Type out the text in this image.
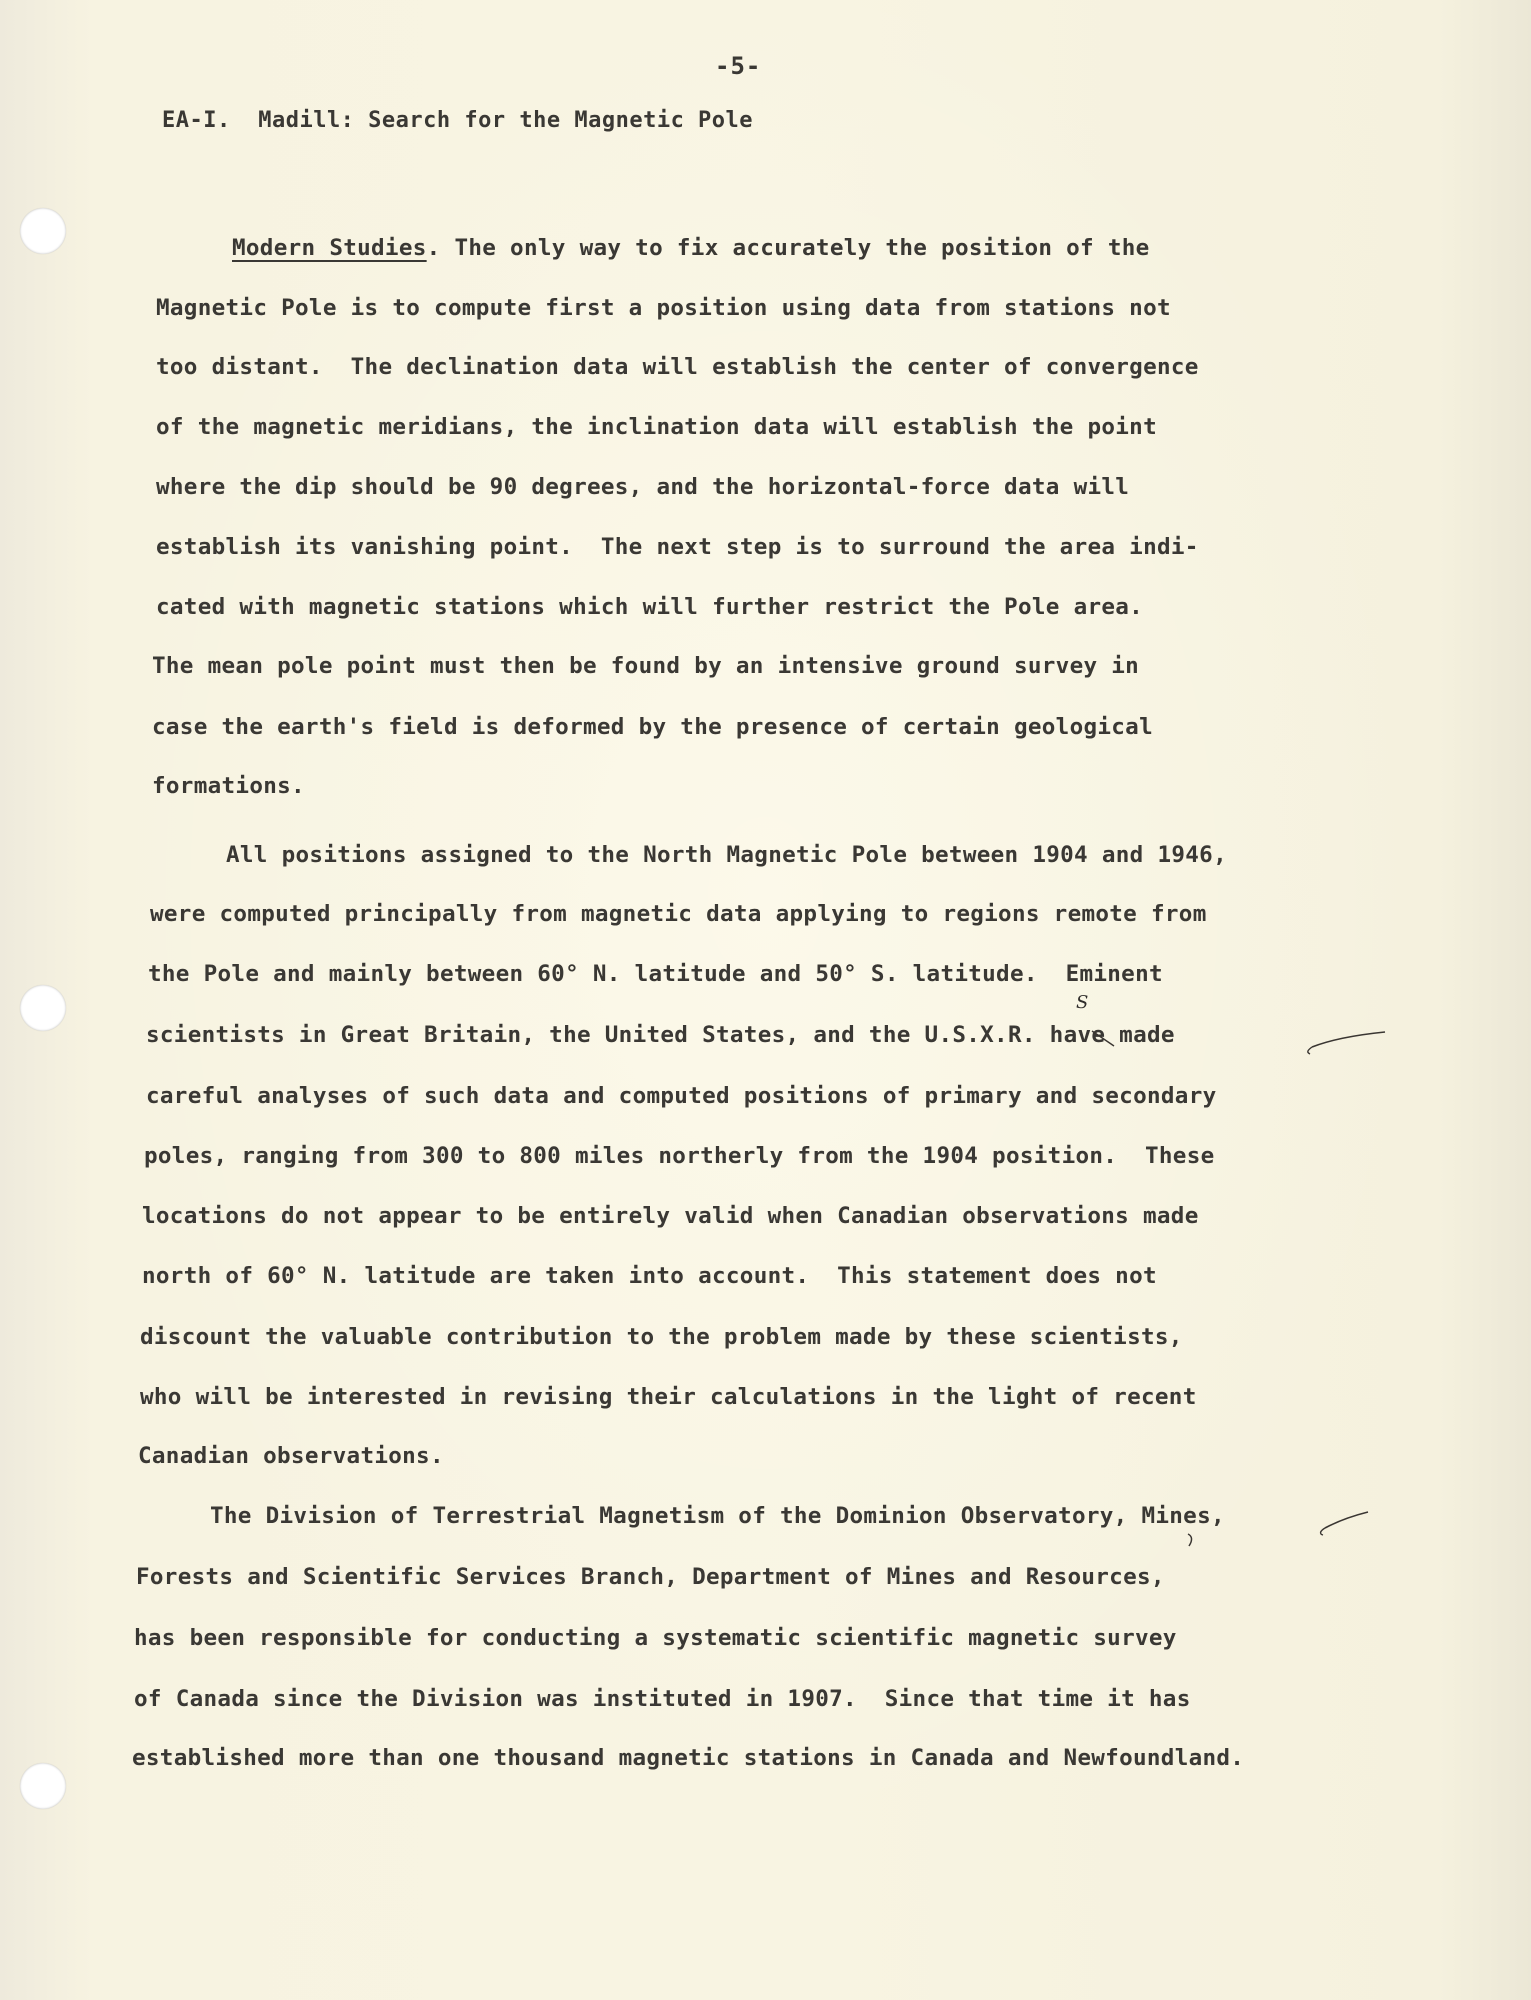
-5-
EA-I.  Madill: Search for the Magnetic Pole
Modern Studies. The only way to fix accurately the position of the
Magnetic Pole is to compute first a position using data from stations not
too distant.  The declination data will establish the center of convergence
of the magnetic meridians, the inclination data will establish the point
where the dip should be 90 degrees, and the horizontal-force data will
establish its vanishing point.  The next step is to surround the area indi-
cated with magnetic stations which will further restrict the Pole area.
The mean pole point must then be found by an intensive ground survey in
case the earth's field is deformed by the presence of certain geological
formations.
All positions assigned to the North Magnetic Pole between 1904 and 1946,
were computed principally from magnetic data applying to regions remote from
the Pole and mainly between 60° N. latitude and 50° S. latitude.  Eminent
scientists in Great Britain, the United States, and the U.S.X.R. have made
careful analyses of such data and computed positions of primary and secondary
poles, ranging from 300 to 800 miles northerly from the 1904 position.  These
locations do not appear to be entirely valid when Canadian observations made
north of 60° N. latitude are taken into account.  This statement does not
discount the valuable contribution to the problem made by these scientists,
who will be interested in revising their calculations in the light of recent
Canadian observations.
The Division of Terrestrial Magnetism of the Dominion Observatory, Mines,
Forests and Scientific Services Branch, Department of Mines and Resources,
has been responsible for conducting a systematic scientific magnetic survey
of Canada since the Division was instituted in 1907.  Since that time it has
established more than one thousand magnetic stations in Canada and Newfoundland.
S
